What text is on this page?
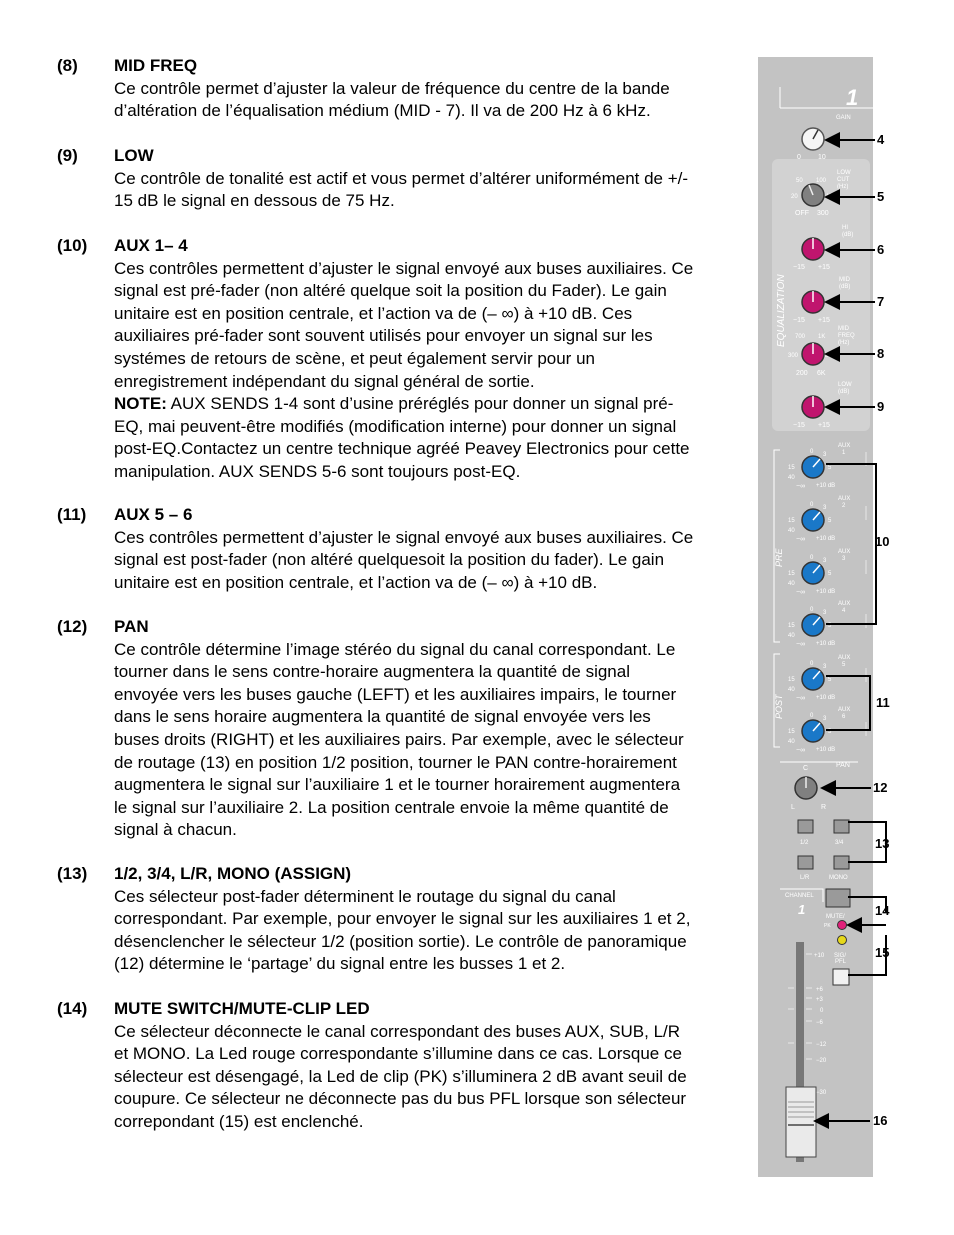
(8) MID FREQ

Ce contrôle permet d’ajuster la valeur de fréquence du centre de la bande

d’altération de l’équalisation médium (MID - 7). Il va de 200 Hz à 6 kHz.

(9) LOW

Ce contrôle de tonalité est actif et vous permet d’altérer uniformément de +/-

15 dB le signal en dessous de 75 Hz.

(10) AUX 1– 4

Ces contrôles permettent d’ajuster le signal envoyé aux buses auxiliaires. Ce

signal est pré-fader (non altéré quelque soit la position du Fader). Le gain

unitaire est en position centrale, et l’action va de (– ∞) à +10 dB. Ces

auxiliaires pré-fader sont souvent utilisés pour envoyer un signal sur les

systémes de retours de scène, et peut également servir pour un

enregistrement indépendant du signal général de sortie.

NOTE: AUX SENDS 1-4 sont d’usine préréglés pour donner un signal pré-

EQ, mai peuvent-être modifiés (modification interne) pour donner un signal

post-EQ.Contactez un centre technique agréé Peavey Electronics pour cette

manipulation. AUX SENDS 5-6 sont toujours post-EQ.

(11) AUX 5 – 6

Ces contrôles permettent d’ajuster le signal envoyé aux buses auxiliaires. Ce

signal est post-fader (non altéré quelquesoit la position du fader). Le gain

unitaire est en position centrale, et l’action va de (– ∞) à +10 dB.

(12) PAN

Ce contrôle détermine l’image stéréo du signal du canal correspondant. Le

tourner dans le sens contre-horaire augmentera la quantité de signal

envoyée vers les buses gauche (LEFT) et les auxiliaires impairs, le tourner

dans le sens horaire augmentera la quantité de signal envoyée vers les

buses droits (RIGHT) et les auxiliaires pairs. Par exemple, avec le sélecteur

de routage (13) en position 1/2 position, tourner le PAN contre-horairement

augmentera le signal sur l’auxiliaire 1 et le tourner horairement augmentera

le signal sur l’auxiliaire 2. La position centrale envoie la même quantité de

signal à chacun.

(13) 1/2, 3/4, L/R, MONO (ASSIGN)

Ces sélecteur post-fader déterminent le routage du signal du canal

correspondant. Par exemple, pour envoyer le signal sur les auxiliaires 1 et 2,

désenclencher le sélecteur 1/2 (position sortie). Le contrôle de panoramique

(12) détermine le ‘partage’ du signal entre les busses 1 et 2.

(14) MUTE SWITCH/MUTE-CLIP LED

Ce sélecteur déconnecte le canal correspondant des buses AUX, SUB, L/R

et MONO. La Led rouge correspondante s’illumine dans ce cas. Lorsque ce

sélecteur est désengagé, la Led de clip (PK) s’illuminera 2 dB avant seuil de

coupure. Ce sélecteur ne déconnecte pas du bus PFL lorsque son sélecteur

correpondant (15) est enclenché.

1
EQUALIZATION
GAIN
0 10
LOW
CUT
(Hz)
50 100
20	150
OFF 300
HI
(dB)
−15 +15
MID
(dB)
−15 +15
MID
FREQ
(Hz)
700 1K
300	2.5K
200 6K
LOW
(dB)
−15 +15
PRE
POST
AUX
1
0 3
5
15
40
−∞ +10 dB
AUX
2
0 3
5
15
40
−∞ +10 dB
AUX
3
0 3
5
15
40
−∞ +10 dB
AUX
4
0 3
5
15
40
−∞ +10 dB
AUX
5
0 3
5
15
40
−∞ +10 dB
AUX
6
0 3
5
15
40
−∞ +10 dB
PAN
C
L	R
1/2	3/4
L/R	MONO
CHANNEL
1	MUTE/
PK
SIG/
PFL
+10
+6
+3
0
−6
−12
−20
−30
4
5
6
7
8
9
10
11
12
13
14
15
16
